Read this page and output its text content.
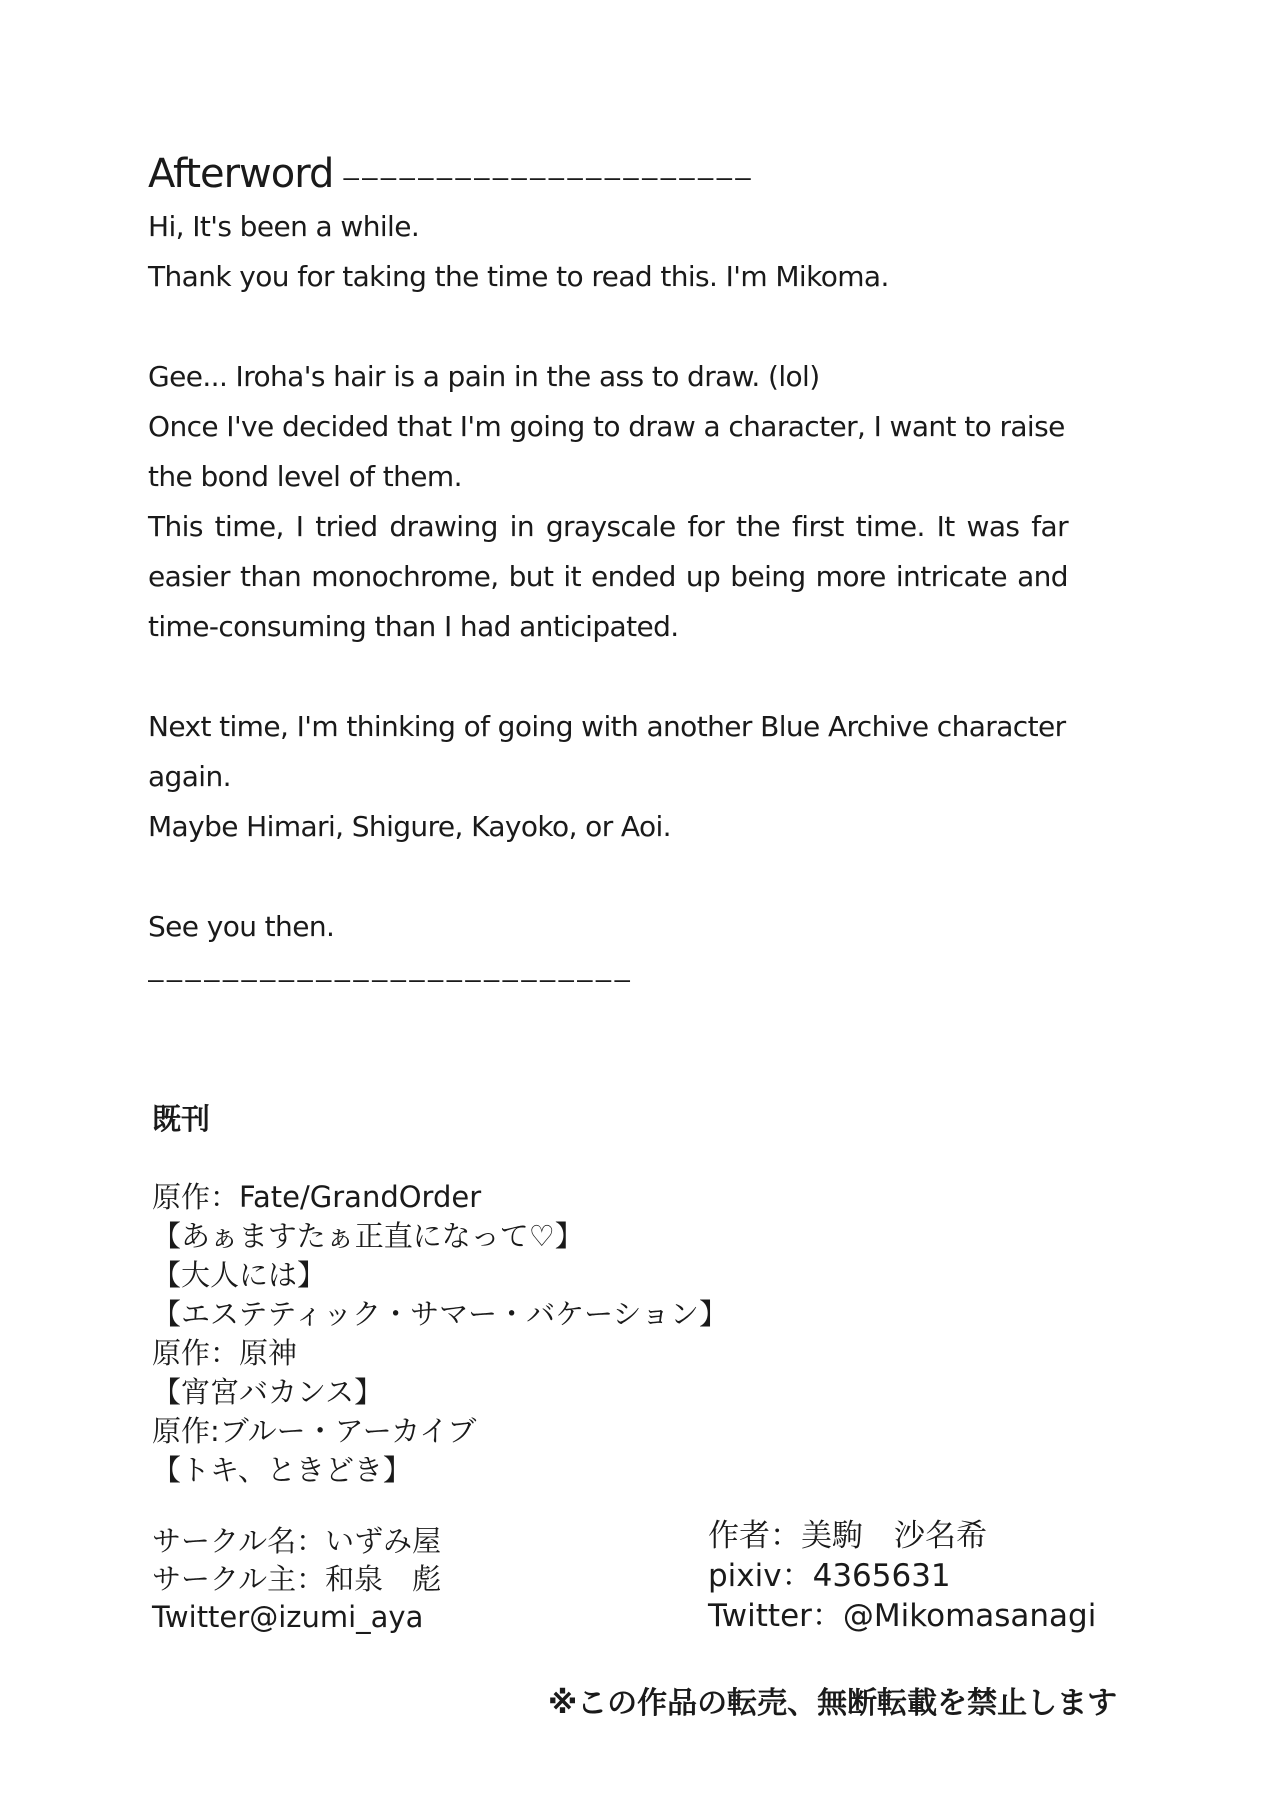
Afterword ——————————————————————

Hi, It's been a while.

Thank you for taking the time to read this. I'm Mikoma.

Gee... Iroha's hair is a pain in the ass to draw. (lol)

Once I've decided that I'm going to draw a character, I want to raise the bond level of them.

This time, I tried drawing in grayscale for the first time. It was far easier than monochrome, but it ended up being more intricate and time-consuming than I had anticipated.

Next time, I'm thinking of going with another Blue Archive character again.

Maybe Himari, Shigure, Kayoko, or Aoi.

See you then.

——————————————————————————
既刊
原作：Fate/GrandOrder
【あぁますたぁ正直になって♡】
【大人には】
【エステティック・サマー・バケーション】
原作：原神
【宵宮バカンス】
原作:ブルー・アーカイブ
【トキ、ときどき】
サークル名：いずみ屋
サークル主：和泉　彪
Twitter@izumi_aya
作者：美駒　沙名希
pixiv：4365631
Twitter：@Mikomasanagi
※この作品の転売、無断転載を禁止します
